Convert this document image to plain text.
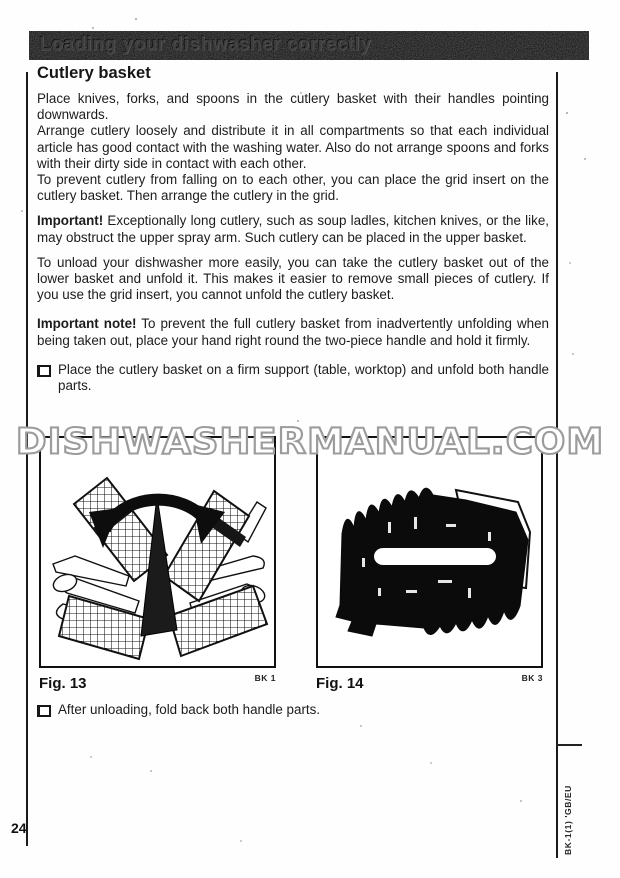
Loading your dishwasher correctly
Cutlery basket

Place knives, forks, and spoons in the cutlery basket with their handles pointing downwards.

Arrange cutlery loosely and distribute it in all compartments so that each individual article has good contact with the washing water. Also do not arrange spoons and forks with their dirty side in contact with each other.

To prevent cutlery from falling on to each other, you can place the grid insert on the cutlery basket. Then arrange the cutlery in the grid.

Important! Exceptionally long cutlery, such as soup ladles, kitchen knives, or the like, may obstruct the upper spray arm. Such cutlery can be placed in the upper basket.

To unload your dishwasher more easily, you can take the cutlery basket out of the lower basket and unfold it. This makes it easier to remove small pieces of cutlery. If you use the grid insert, you cannot unfold the cutlery basket.

Important note! To prevent the full cutlery basket from inadvertently unfolding when being taken out, place your hand right round the two-piece handle and hold it firmly.

Place the cutlery basket on a firm support (table, worktop) and unfold both handle parts.
Fig. 13	BK 1	Fig. 14	BK 3
After unloading, fold back both handle parts.
DISHWASHERMANUAL.COM
24	BK-1(1) 'GB/EU
